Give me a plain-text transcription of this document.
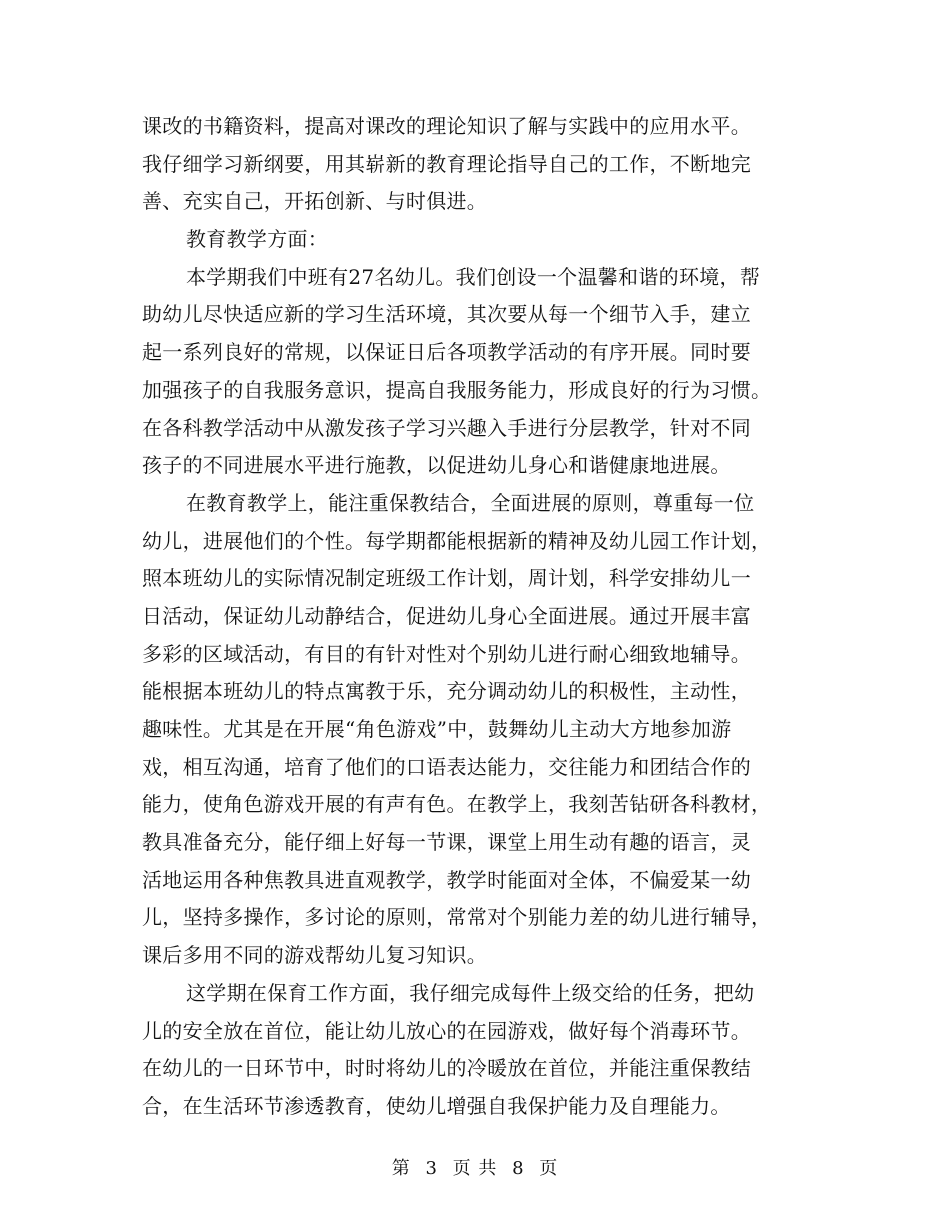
课改的书籍资料，提高对课改的理论知识了解与实践中的应用水平。
我仔细学习新纲要，用其崭新的教育理论指导自己的工作，不断地完
善、充实自己，开拓创新、与时俱进。
教育教学方面：
本学期我们中班有27名幼儿。我们创设一个温馨和谐的环境，帮
助幼儿尽快适应新的学习生活环境，其次要从每一个细节入手，建立
起一系列良好的常规，以保证日后各项教学活动的有序开展。同时要
加强孩子的自我服务意识，提高自我服务能力，形成良好的行为习惯。
在各科教学活动中从激发孩子学习兴趣入手进行分层教学，针对不同
孩子的不同进展水平进行施教，以促进幼儿身心和谐健康地进展。
在教育教学上，能注重保教结合，全面进展的原则，尊重每一位
幼儿，进展他们的个性。每学期都能根据新的精神及幼儿园工作计划，
照本班幼儿的实际情况制定班级工作计划，周计划，科学安排幼儿一
日活动，保证幼儿动静结合，促进幼儿身心全面进展。通过开展丰富
多彩的区域活动，有目的有针对性对个别幼儿进行耐心细致地辅导。
能根据本班幼儿的特点寓教于乐，充分调动幼儿的积极性，主动性，
趣味性。尤其是在开展“角色游戏”中，鼓舞幼儿主动大方地参加游
戏，相互沟通，培育了他们的口语表达能力，交往能力和团结合作的
能力，使角色游戏开展的有声有色。在教学上，我刻苦钻研各科教材，
教具准备充分，能仔细上好每一节课，课堂上用生动有趣的语言，灵
活地运用各种焦教具进直观教学，教学时能面对全体，不偏爱某一幼
儿，坚持多操作，多讨论的原则，常常对个别能力差的幼儿进行辅导，
课后多用不同的游戏帮幼儿复习知识。
这学期在保育工作方面，我仔细完成每件上级交给的任务，把幼
儿的安全放在首位，能让幼儿放心的在园游戏，做好每个消毒环节。
在幼儿的一日环节中，时时将幼儿的冷暖放在首位，并能注重保教结
合，在生活环节渗透教育，使幼儿增强自我保护能力及自理能力。
第 3 页 共 8 页
